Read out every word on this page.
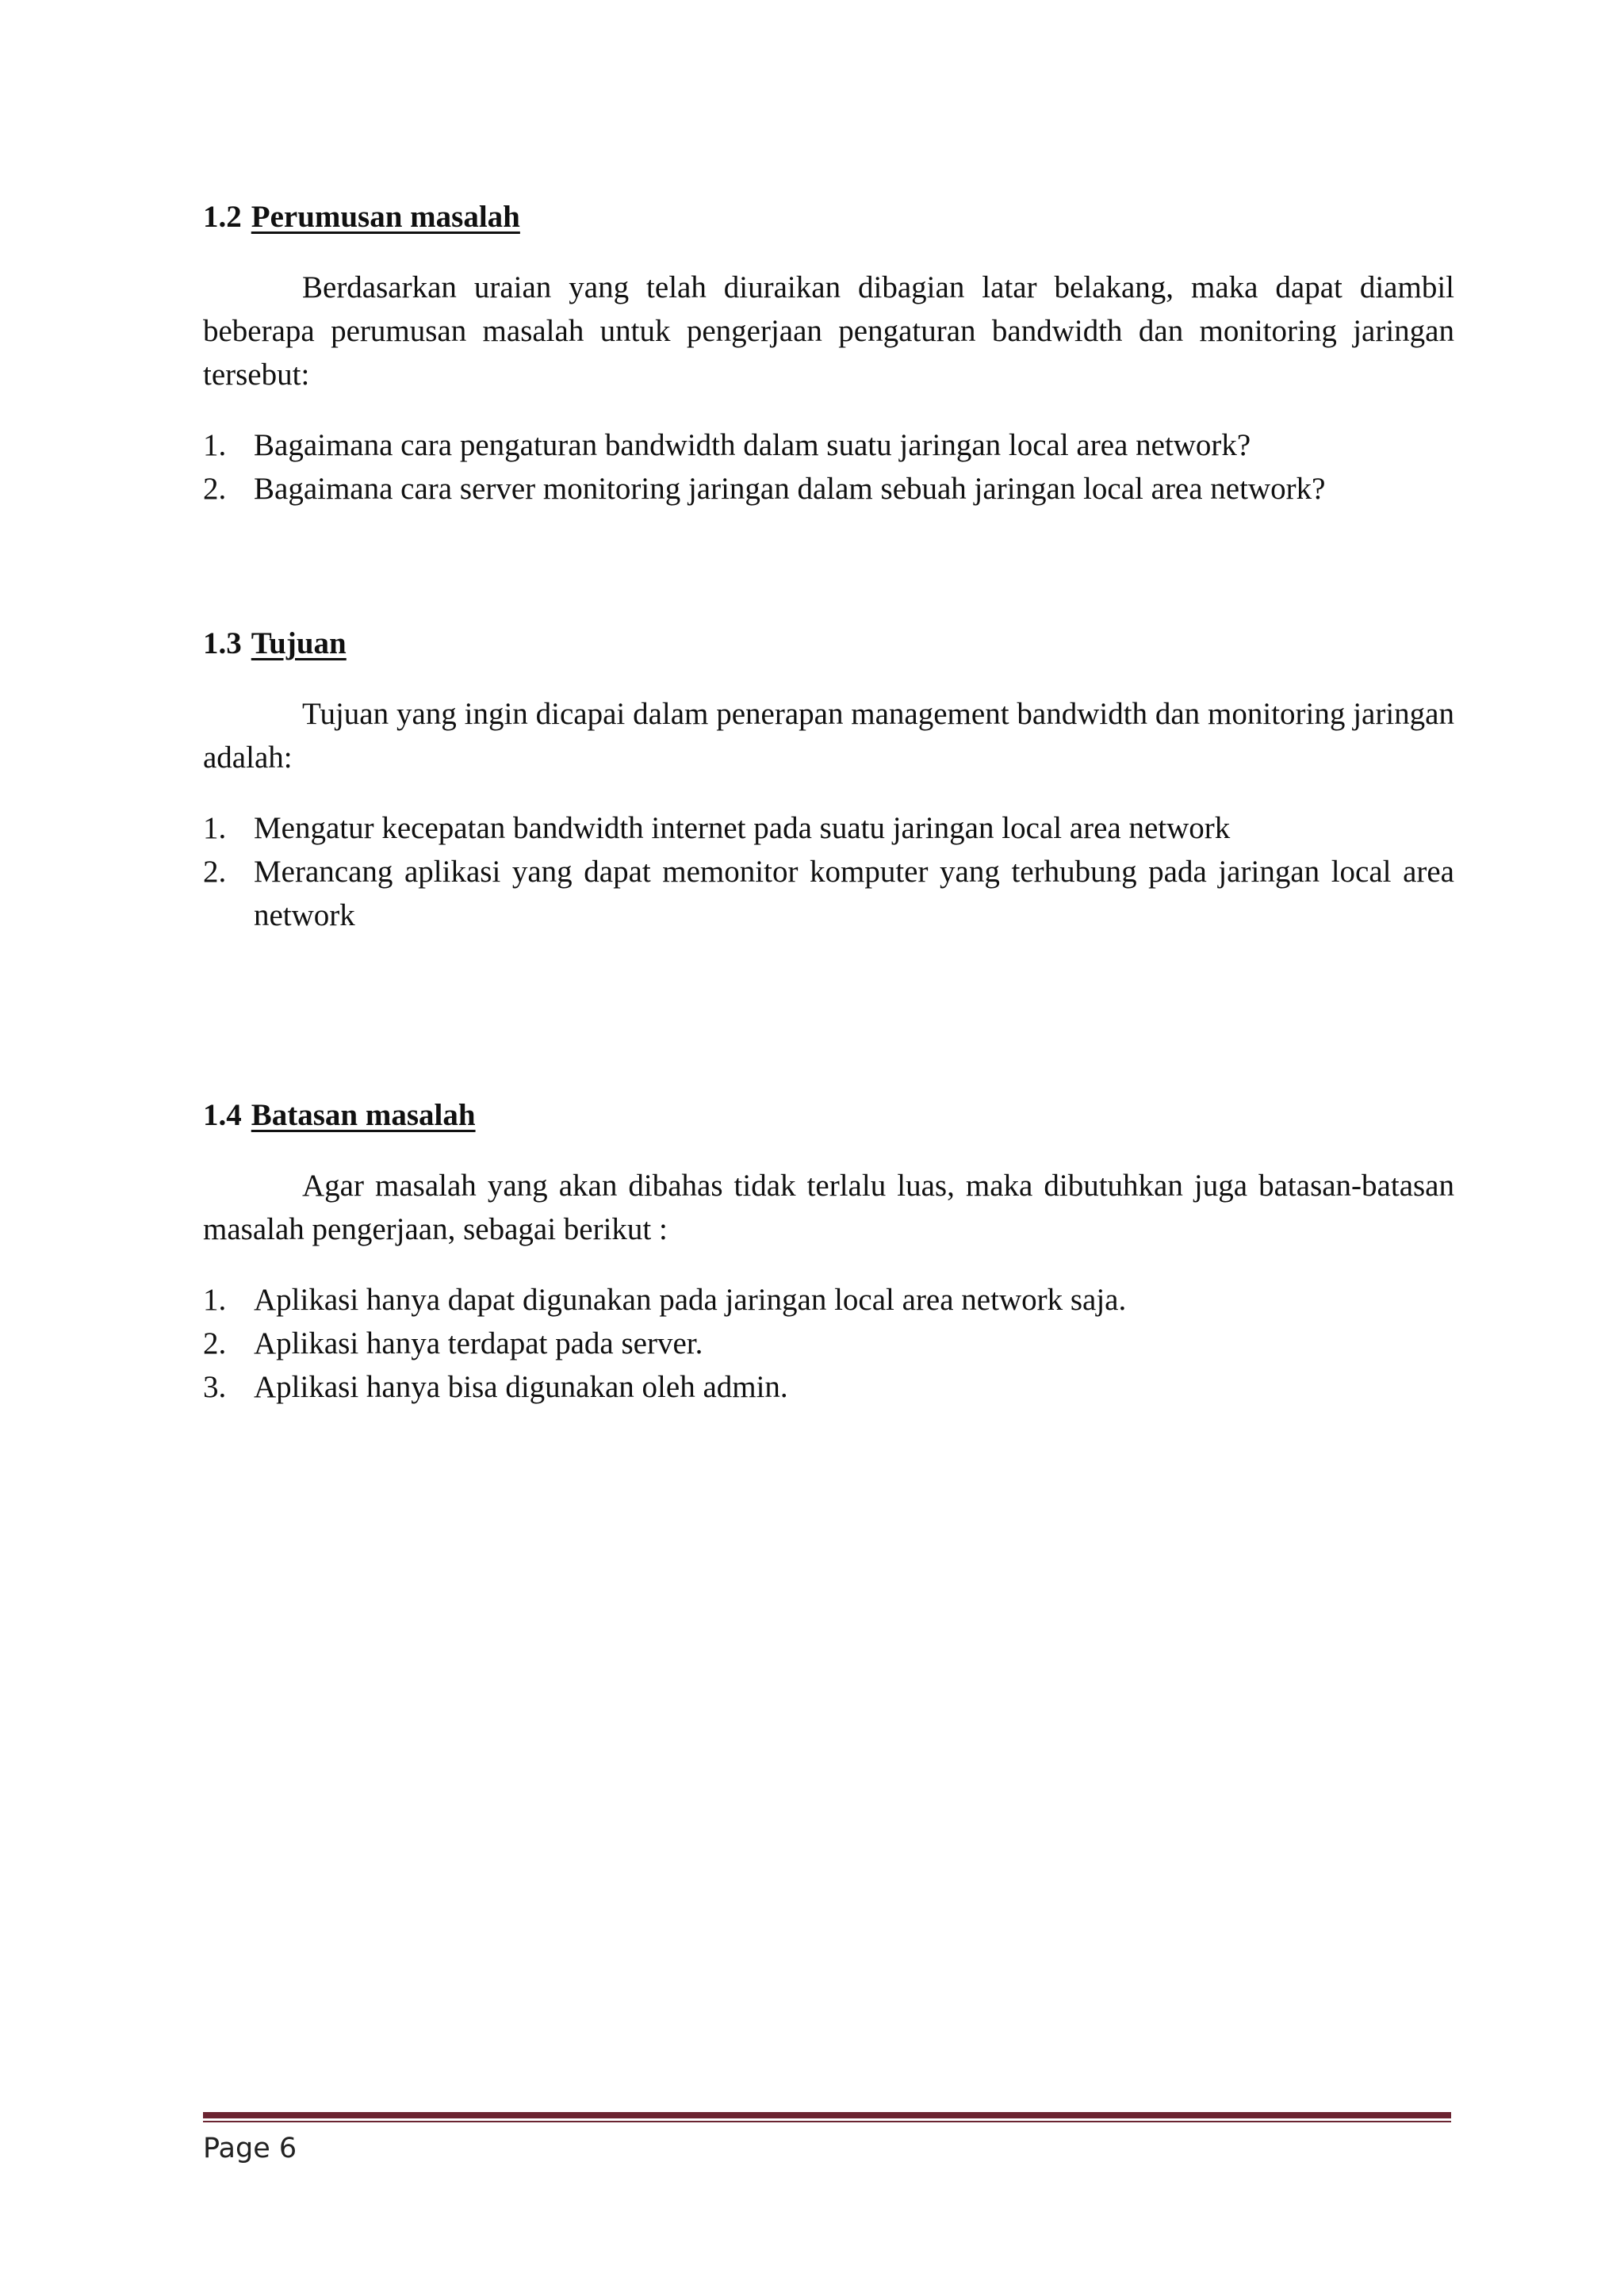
1.2 Perumusan masalah

Berdasarkan uraian yang telah diuraikan dibagian latar belakang, maka dapat diambil beberapa perumusan masalah untuk pengerjaan pengaturan bandwidth dan monitoring jaringan tersebut:

1. Bagaimana cara pengaturan bandwidth dalam suatu jaringan local area network?
2. Bagaimana cara server monitoring jaringan dalam sebuah jaringan local area network?
1.3 Tujuan

Tujuan yang ingin dicapai dalam penerapan management bandwidth dan monitoring jaringan adalah:

1. Mengatur kecepatan bandwidth internet pada suatu jaringan local area network
2. Merancang aplikasi yang dapat memonitor komputer yang terhubung pada jaringan local area network
1.4 Batasan masalah

Agar masalah yang akan dibahas tidak terlalu luas, maka dibutuhkan juga batasan-batasan masalah pengerjaan, sebagai berikut :

1. Aplikasi hanya dapat digunakan pada jaringan local area network saja.
2. Aplikasi hanya terdapat pada server.
3. Aplikasi hanya bisa digunakan oleh admin.
Page 6
